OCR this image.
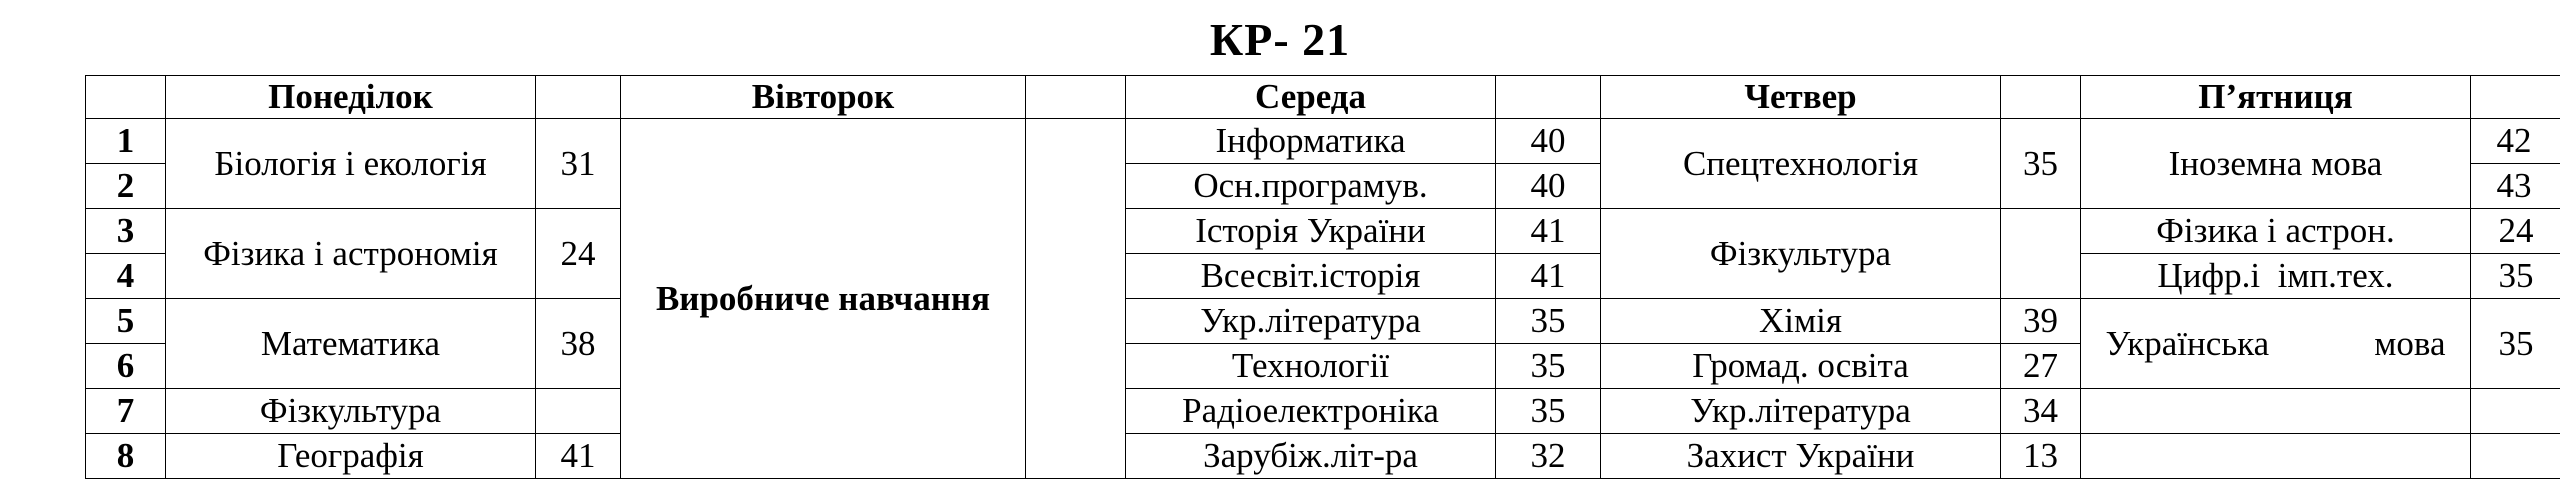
КР- 21
	Понеділок		Вівторок		Середа		Четвер		П’ятниця	
1	Біологія і екологія	31	Виробниче навчання		Інформатика	40	Спецтехнологія	35	Іноземна мова	42
2					Осн.програмув.	40				43
3	Фізика і астрономія	24			Історія України	41	Фізкультура		Фізика і астрон.	24
4					Всесвіт.історія	41			Цифр.і  імп.тех.	35
5	Математика	38			Укр.література	35	Хімія	39	Українська мова	35
6					Технології	35	Громад. освіта	27		
7	Фізкультура				Радіоелектроніка	35	Укр.література	34		
8	Географія	41			Зарубіж.літ-ра	32	Захист України	13		
